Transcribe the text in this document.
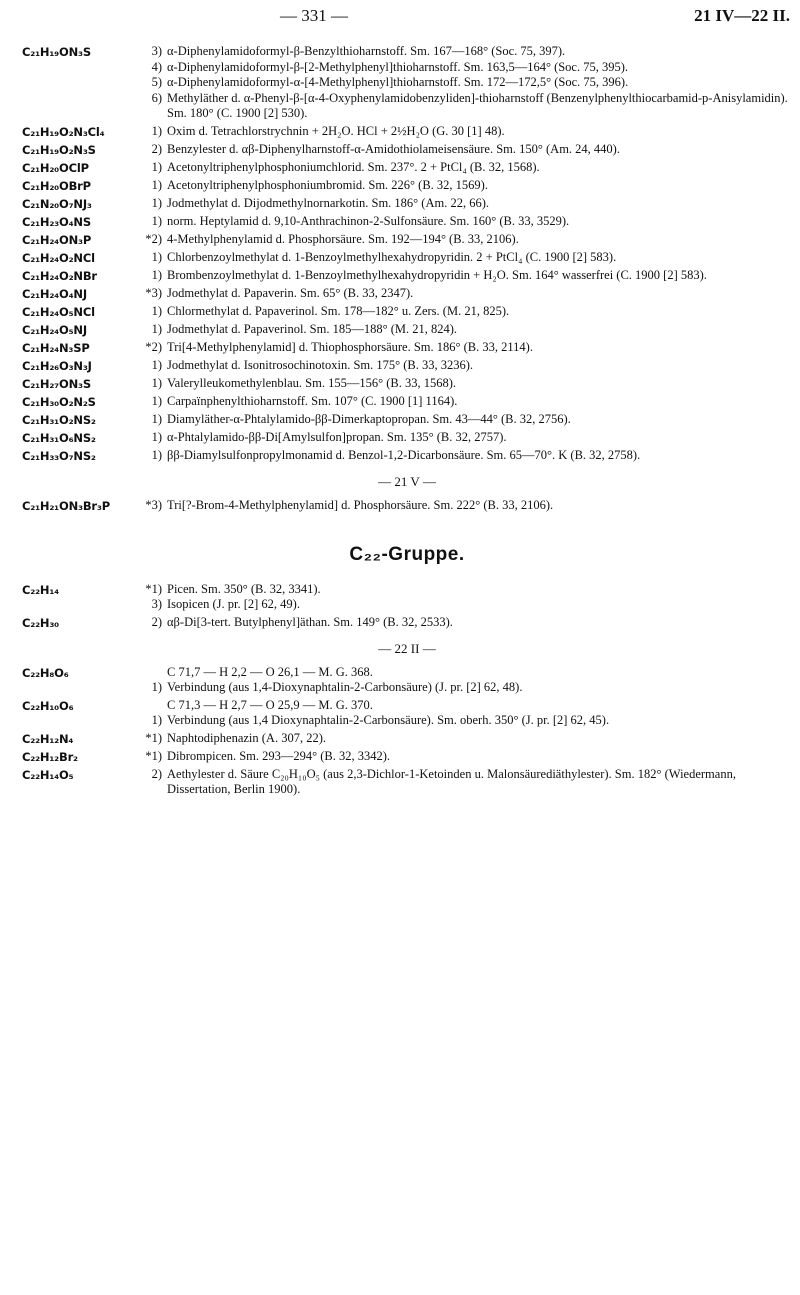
— 331 —	21 IV—22 II.
C₂₁H₁₉ON₃S	3) α-Diphenylamidoformyl-β-Benzylthioharnstoff. Sm. 167—168° (Soc. 75, 397).
4) α-Diphenylamidoformyl-β-[2-Methylphenyl]thioharnstoff. Sm. 163,5—164° (Soc. 75, 395).
5) α-Diphenylamidoformyl-α-[4-Methylphenyl]thioharnstoff. Sm. 172—172,5° (Soc. 75, 396).
6) Methyläther d. α-Phenyl-β-[α-4-Oxyphenylamidobenzyliden]-thioharnstoff (Benzenylphenylthiocarbamid-p-Anisylamidin). Sm. 180° (C. 1900 [2] 530).
C₂₁H₁₉O₂N₃Cl₄	1) Oxim d. Tetrachlorstrychnin + 2H₂O. HCl + 2½H₂O (G. 30 [1] 48).
C₂₁H₁₉O₂N₃S	2) Benzylester d. αβ-Diphenylharnstoff-α-Amidothiolameisensäure. Sm. 150° (Am. 24, 440).
C₂₁H₂₀OClP	1) Acetonyltriphenylphosphoniumchlorid. Sm. 237°. 2 + PtCl₄ (B. 32, 1568).
C₂₁H₂₀OBrP	1) Acetonyltriphenylphosphoniumbromid. Sm. 226° (B. 32, 1569).
C₂₁N₂₀O₇NJ₃	1) Jodmethylat d. Dijodmethylnornarkotin. Sm. 186° (Am. 22, 66).
C₂₁H₂₃O₄NS	1) norm. Heptylamid d. 9,10-Anthrachinon-2-Sulfonsäure. Sm. 160° (B. 33, 3529).
C₂₁H₂₄ON₃P	*2) 4-Methylphenylamid d. Phosphorsäure. Sm. 192—194° (B. 33, 2106).
C₂₁H₂₄O₂NCl	1) Chlorbenzoylmethylat d. 1-Benzoylmethylhexahydropyridin. 2 + PtCl₄ (C. 1900 [2] 583).
C₂₁H₂₄O₂NBr	1) Brombenzoylmethylat d. 1-Benzoylmethylhexahydropyridin + H₂O. Sm. 164° wasserfrei (C. 1900 [2] 583).
C₂₁H₂₄O₄NJ	*3) Jodmethylat d. Papaverin. Sm. 65° (B. 33, 2347).
C₂₁H₂₄O₅NCl	1) Chlormethylat d. Papaverinol. Sm. 178—182° u. Zers. (M. 21, 825).
C₂₁H₂₄O₅NJ	1) Jodmethylat d. Papaverinol. Sm. 185—188° (M. 21, 824).
C₂₁H₂₄N₃SP	*2) Tri[4-Methylphenylamid] d. Thiophosphorsäure. Sm. 186° (B. 33, 2114).
C₂₁H₂₆O₃N₃J	1) Jodmethylat d. Isonitrosochinotoxin. Sm. 175° (B. 33, 3236).
C₂₁H₂₇ON₃S	1) Valerylleukomethylenblau. Sm. 155—156° (B. 33, 1568).
C₂₁H₃₀O₂N₂S	1) Carpaïnphenylthioharnstoff. Sm. 107° (C. 1900 [1] 1164).
C₂₁H₃₁O₂NS₂	1) Diamyläther-α-Phtalylamido-ββ-Dimerkaptopropan. Sm. 43—44° (B. 32, 2756).
C₂₁H₃₁O₆NS₂	1) α-Phtalylamido-ββ-Di[Amylsulfon]propan. Sm. 135° (B. 32, 2757).
C₂₁H₃₃O₇NS₂	1) ββ-Diamylsulfonpropylmonamid d. Benzol-1,2-Dicarbonsäure. Sm. 65—70°. K (B. 32, 2758).
— 21 V —
C₂₁H₂₁ON₃Br₃P	*3) Tri[?-Brom-4-Methylphenylamid] d. Phosphorsäure. Sm. 222° (B. 33, 2106).
C₂₂-Gruppe.
C₂₂H₁₄	*1) Picen. Sm. 350° (B. 32, 3341).
3) Isopicen (J. pr. [2] 62, 49).
C₂₂H₃₀	2) αβ-Di[3-tert. Butylphenyl]äthan. Sm. 149° (B. 32, 2533).
— 22 II —
C₂₂H₈O₆	C 71,7 — H 2,2 — O 26,1 — M. G. 368.
1) Verbindung (aus 1,4-Dioxynaphtalin-2-Carbonsäure) (J. pr. [2] 62, 48).
C₂₂H₁₀O₆	C 71,3 — H 2,7 — O 25,9 — M. G. 370.
1) Verbindung (aus 1,4 Dioxynaphtalin-2-Carbonsäure). Sm. oberh. 350° (J. pr. [2] 62, 45).
C₂₂H₁₂N₄	*1) Naphtodiphenazin (A. 307, 22).
C₂₂H₁₂Br₂	*1) Dibrompicen. Sm. 293—294° (B. 32, 3342).
C₂₂H₁₄O₅	2) Aethylester d. Säure C₂₀H₁₀O₅ (aus 2,3-Dichlor-1-Ketoinden u. Malonsäurediäthylester). Sm. 182° (Wiedermann, Dissertation, Berlin 1900).
